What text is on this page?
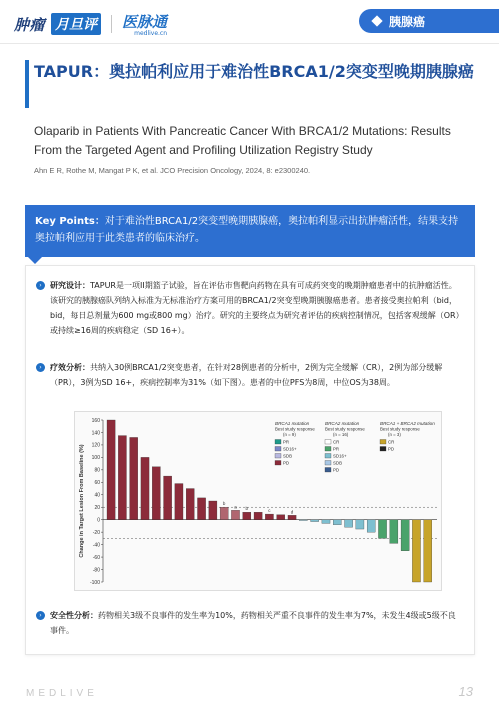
肿瘤 月旦评 医脉通
medlive.cn
胰腺癌
TAPUR：奥拉帕利应用于难治性BRCA1/2突变型晚期胰腺癌
Olaparib in Patients With Pancreatic Cancer With BRCA1/2 Mutations: Results From the Targeted Agent and Profiling Utilization Registry Study
Ahn E R, Rothe M, Mangat P K, et al. JCO Precision Oncology, 2024, 8: e2300240.
Key Points：对于难治性BRCA1/2突变型晚期胰腺癌，奥拉帕利显示出抗肿瘤活性，结果支持奥拉帕利应用于此类患者的临床治疗。
›	研究设计：TAPUR是一项II期篮子试验，旨在评估市售靶向药物在具有可成药突变的晚期肿瘤患者中的抗肿瘤活性。该研究的胰腺癌队列纳入标准为无标准治疗方案可用的BRCA1/2突变型晚期胰腺癌患者。患者接受奥拉帕利（bid，bid，每日总剂量为600 mg或800 mg）治疗。研究的主要终点为研究者评估的疾病控制情况，包括客观缓解（OR）或持续≥16周的疾病稳定（SD 16+）。
›	疗效分析：共纳入30例BRCA1/2突变患者，在针对28例患者的分析中，2例为完全缓解（CR），2例为部分缓解（PR），3例为SD 16+，疾病控制率为31%（如下图）。患者的中位PFS为8周，中位OS为38周。
Change in Target Lesion From Baseline (%)
160
140
120
100
80
60
40
20
0
-20
-40
-60
-80
-100
b
a b	c	d
BRCA1 mutation
Best study response
(n = 9)
PR
SD16+
SDB
PD
BRCA2 mutation
Best study response
(n = 16)
CR
PR
SD16+
SDB
PD
BRCA1 + BRCA2 mutation
Best study response
(n = 3)
CR
PD
›	安全性分析：药物相关3级不良事件的发生率为10%，药物相关严重不良事件的发生率为7%，未发生4级或5级不良事件。
MEDLIVE	13
